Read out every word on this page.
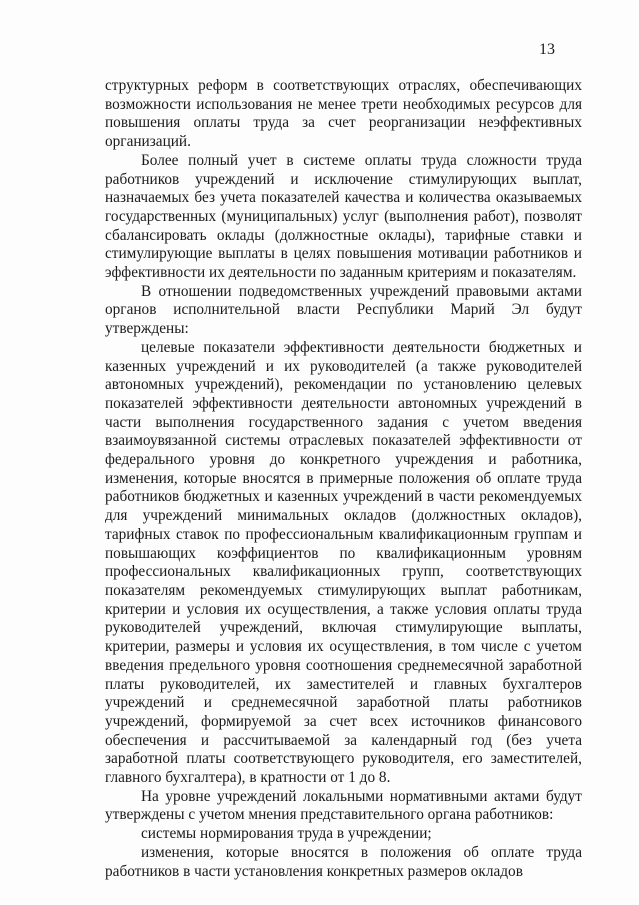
13

структурных реформ в соответствующих отраслях, обеспечивающих возможности использования не менее трети необходимых ресурсов для повышения оплаты труда за счет реорганизации неэффективных организаций.

Более полный учет в системе оплаты труда сложности труда работников учреждений и исключение стимулирующих выплат, назначаемых без учета показателей качества и количества оказываемых государственных (муниципальных) услуг (выполнения работ), позволят сбалансировать оклады (должностные оклады), тарифные ставки и стимулирующие выплаты в целях повышения мотивации работников и эффективности их деятельности по заданным критериям и показателям.

В отношении подведомственных учреждений правовыми актами органов исполнительной власти Республики Марий Эл будут утверждены:

целевые показатели эффективности деятельности бюджетных и казенных учреждений и их руководителей (а также руководителей автономных учреждений), рекомендации по установлению целевых показателей эффективности деятельности автономных учреждений в части выполнения государственного задания с учетом введения взаимоувязанной системы отраслевых показателей эффективности от федерального уровня до конкретного учреждения и работника, изменения, которые вносятся в примерные положения об оплате труда работников бюджетных и казенных учреждений в части рекомендуемых для учреждений минимальных окладов (должностных окладов), тарифных ставок по профессиональным квалификационным группам и повышающих коэффициентов по квалификационным уровням профессиональных квалификационных групп, соответствующих показателям рекомендуемых стимулирующих выплат работникам, критерии и условия их осуществления, а также условия оплаты труда руководителей учреждений, включая стимулирующие выплаты, критерии, размеры и условия их осуществления, в том числе с учетом введения предельного уровня соотношения среднемесячной заработной платы руководителей, их заместителей и главных бухгалтеров учреждений и среднемесячной заработной платы работников учреждений, формируемой за счет всех источников финансового обеспечения и рассчитываемой за календарный год (без учета заработной платы соответствующего руководителя, его заместителей, главного бухгалтера), в кратности от 1 до 8.

На уровне учреждений локальными нормативными актами будут утверждены с учетом мнения представительного органа работников:

системы нормирования труда в учреждении;

изменения, которые вносятся в положения об оплате труда работников в части установления конкретных размеров окладов
